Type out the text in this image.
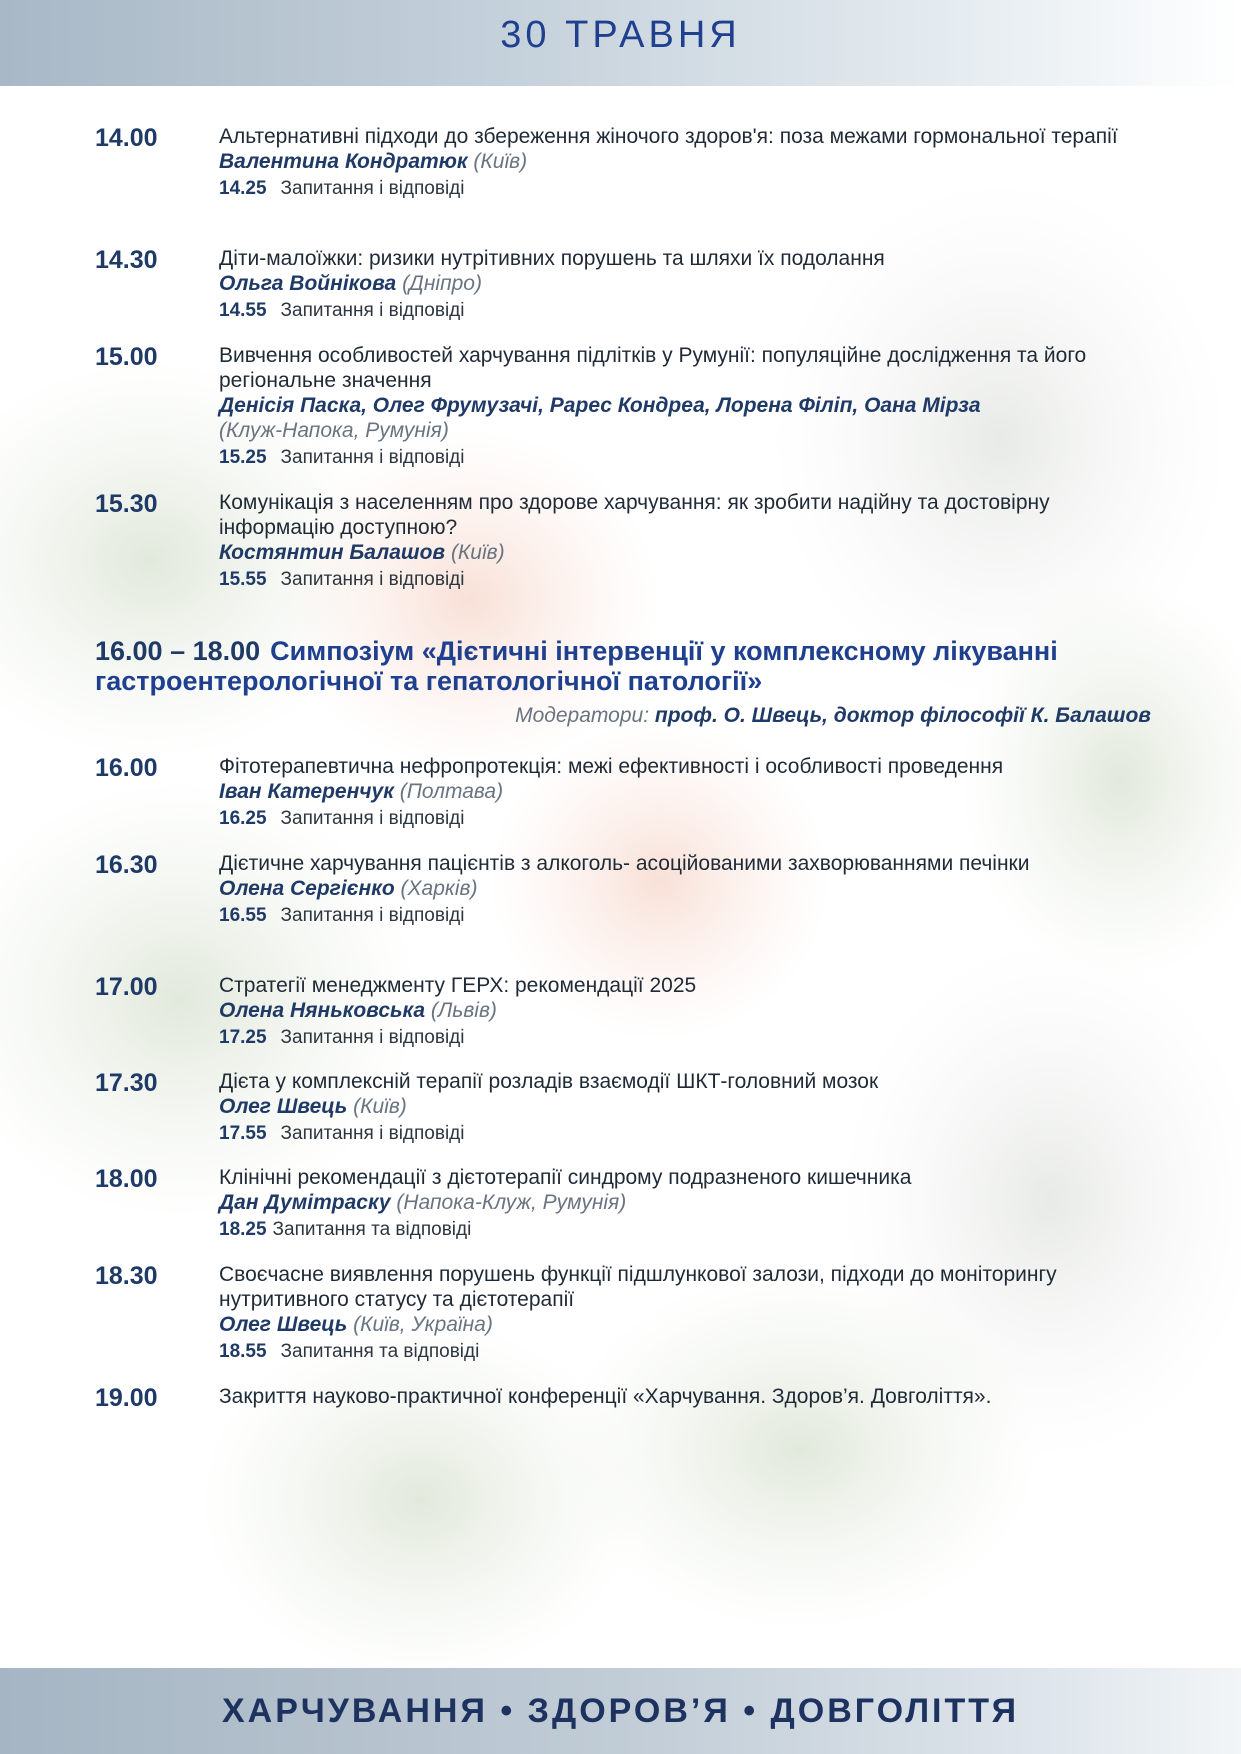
30 ТРАВНЯ
14.00	Альтернативні підходи до збереження жіночого здоров'я: поза межами гормональної терапії
Валентина Кондратюк (Київ)
14.25 Запитання і відповіді
14.30	Діти-малоїжки: ризики нутрітивних порушень та шляхи їх подолання
Ольга Войнікова (Дніпро)
14.55 Запитання і відповіді
15.00	Вивчення особливостей харчування підлітків у Румунії: популяційне дослідження та його регіональне значення
Денісія Паска, Олег Фрумузачі, Рарес Кондреа, Лорена Філіп, Оана Мірза
(Клуж-Напока, Румунія)
15.25 Запитання і відповіді
15.30	Комунікація з населенням про здорове харчування: як зробити надійну та достовірну інформацію доступною?
Костянтин Балашов (Київ)
15.55 Запитання і відповіді
16.00 – 18.00 Симпозіум «Дієтичні інтервенції у комплексному лікуванні гастроентерологічної та гепатологічної патології»
Модератори: проф. О. Швець, доктор філософії К. Балашов
16.00	Фітотерапевтична нефропротекція: межі ефективності і особливості проведення
Іван Катеренчук (Полтава)
16.25 Запитання і відповіді
16.30	Дієтичне харчування пацієнтів з алкоголь- асоційованими захворюваннями печінки
Олена Сергієнко (Харків)
16.55 Запитання і відповіді
17.00	Стратегії менеджменту ГЕРХ: рекомендації 2025
Олена Няньковська (Львів)
17.25 Запитання і відповіді
17.30	Дієта у комплексній терапії розладів взаємодії ШКТ-головний мозок
Олег Швець (Київ)
17.55 Запитання і відповіді
18.00	Клінічні рекомендації з дієтотерапії синдрому подразненого кишечника
Дан Думітраску (Напока-Клуж, Румунія)
18.25 Запитання та відповіді
18.30	Своєчасне виявлення порушень функції підшлункової залози, підходи до моніторингу нутритивного статусу та дієтотерапії
Олег Швець (Київ, Україна)
18.55 Запитання та відповіді
19.00	Закриття науково-практичної конференції «Харчування. Здоров’я. Довголіття».
ХАРЧУВАННЯ • ЗДОРОВ’Я • ДОВГОЛІТТЯ
